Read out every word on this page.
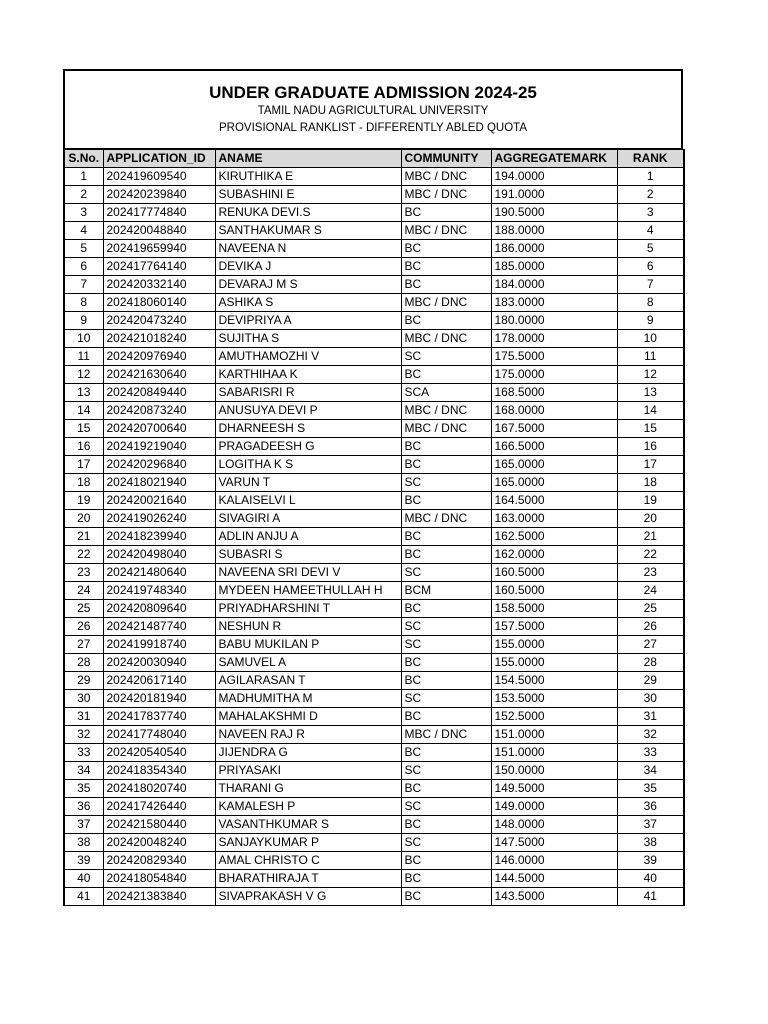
UNDER GRADUATE ADMISSION 2024-25
TAMIL NADU AGRICULTURAL UNIVERSITY
PROVISIONAL RANKLIST - DIFFERENTLY ABLED QUOTA
S.No.	APPLICATION_ID	ANAME	COMMUNITY	AGGREGATEMARK	RANK
1	202419609540	KIRUTHIKA E	MBC / DNC	194.0000	1
2	202420239840	SUBASHINI E	MBC / DNC	191.0000	2
3	202417774840	RENUKA DEVI.S	BC	190.5000	3
4	202420048840	SANTHAKUMAR S	MBC / DNC	188.0000	4
5	202419659940	NAVEENA N	BC	186.0000	5
6	202417764140	DEVIKA J	BC	185.0000	6
7	202420332140	DEVARAJ M S	BC	184.0000	7
8	202418060140	ASHIKA S	MBC / DNC	183.0000	8
9	202420473240	DEVIPRIYA A	BC	180.0000	9
10	202421018240	SUJITHA S	MBC / DNC	178.0000	10
11	202420976940	AMUTHAMOZHI V	SC	175.5000	11
12	202421630640	KARTHIHAA K	BC	175.0000	12
13	202420849440	SABARISRI R	SCA	168.5000	13
14	202420873240	ANUSUYA DEVI P	MBC / DNC	168.0000	14
15	202420700640	DHARNEESH S	MBC / DNC	167.5000	15
16	202419219040	PRAGADEESH G	BC	166.5000	16
17	202420296840	LOGITHA K S	BC	165.0000	17
18	202418021940	VARUN T	SC	165.0000	18
19	202420021640	KALAISELVI L	BC	164.5000	19
20	202419026240	SIVAGIRI A	MBC / DNC	163.0000	20
21	202418239940	ADLIN ANJU A	BC	162.5000	21
22	202420498040	SUBASRI S	BC	162.0000	22
23	202421480640	NAVEENA SRI DEVI V	SC	160.5000	23
24	202419748340	MYDEEN HAMEETHULLAH H	BCM	160.5000	24
25	202420809640	PRIYADHARSHINI T	BC	158.5000	25
26	202421487740	NESHUN R	SC	157.5000	26
27	202419918740	BABU MUKILAN P	SC	155.0000	27
28	202420030940	SAMUVEL A	BC	155.0000	28
29	202420617140	AGILARASAN T	BC	154.5000	29
30	202420181940	MADHUMITHA M	SC	153.5000	30
31	202417837740	MAHALAKSHMI D	BC	152.5000	31
32	202417748040	NAVEEN RAJ R	MBC / DNC	151.0000	32
33	202420540540	JIJENDRA G	BC	151.0000	33
34	202418354340	PRIYASAKI	SC	150.0000	34
35	202418020740	THARANI G	BC	149.5000	35
36	202417426440	KAMALESH P	SC	149.0000	36
37	202421580440	VASANTHKUMAR S	BC	148.0000	37
38	202420048240	SANJAYKUMAR P	SC	147.5000	38
39	202420829340	AMAL CHRISTO C	BC	146.0000	39
40	202418054840	BHARATHIRAJA T	BC	144.5000	40
41	202421383840	SIVAPRAKASH V G	BC	143.5000	41
